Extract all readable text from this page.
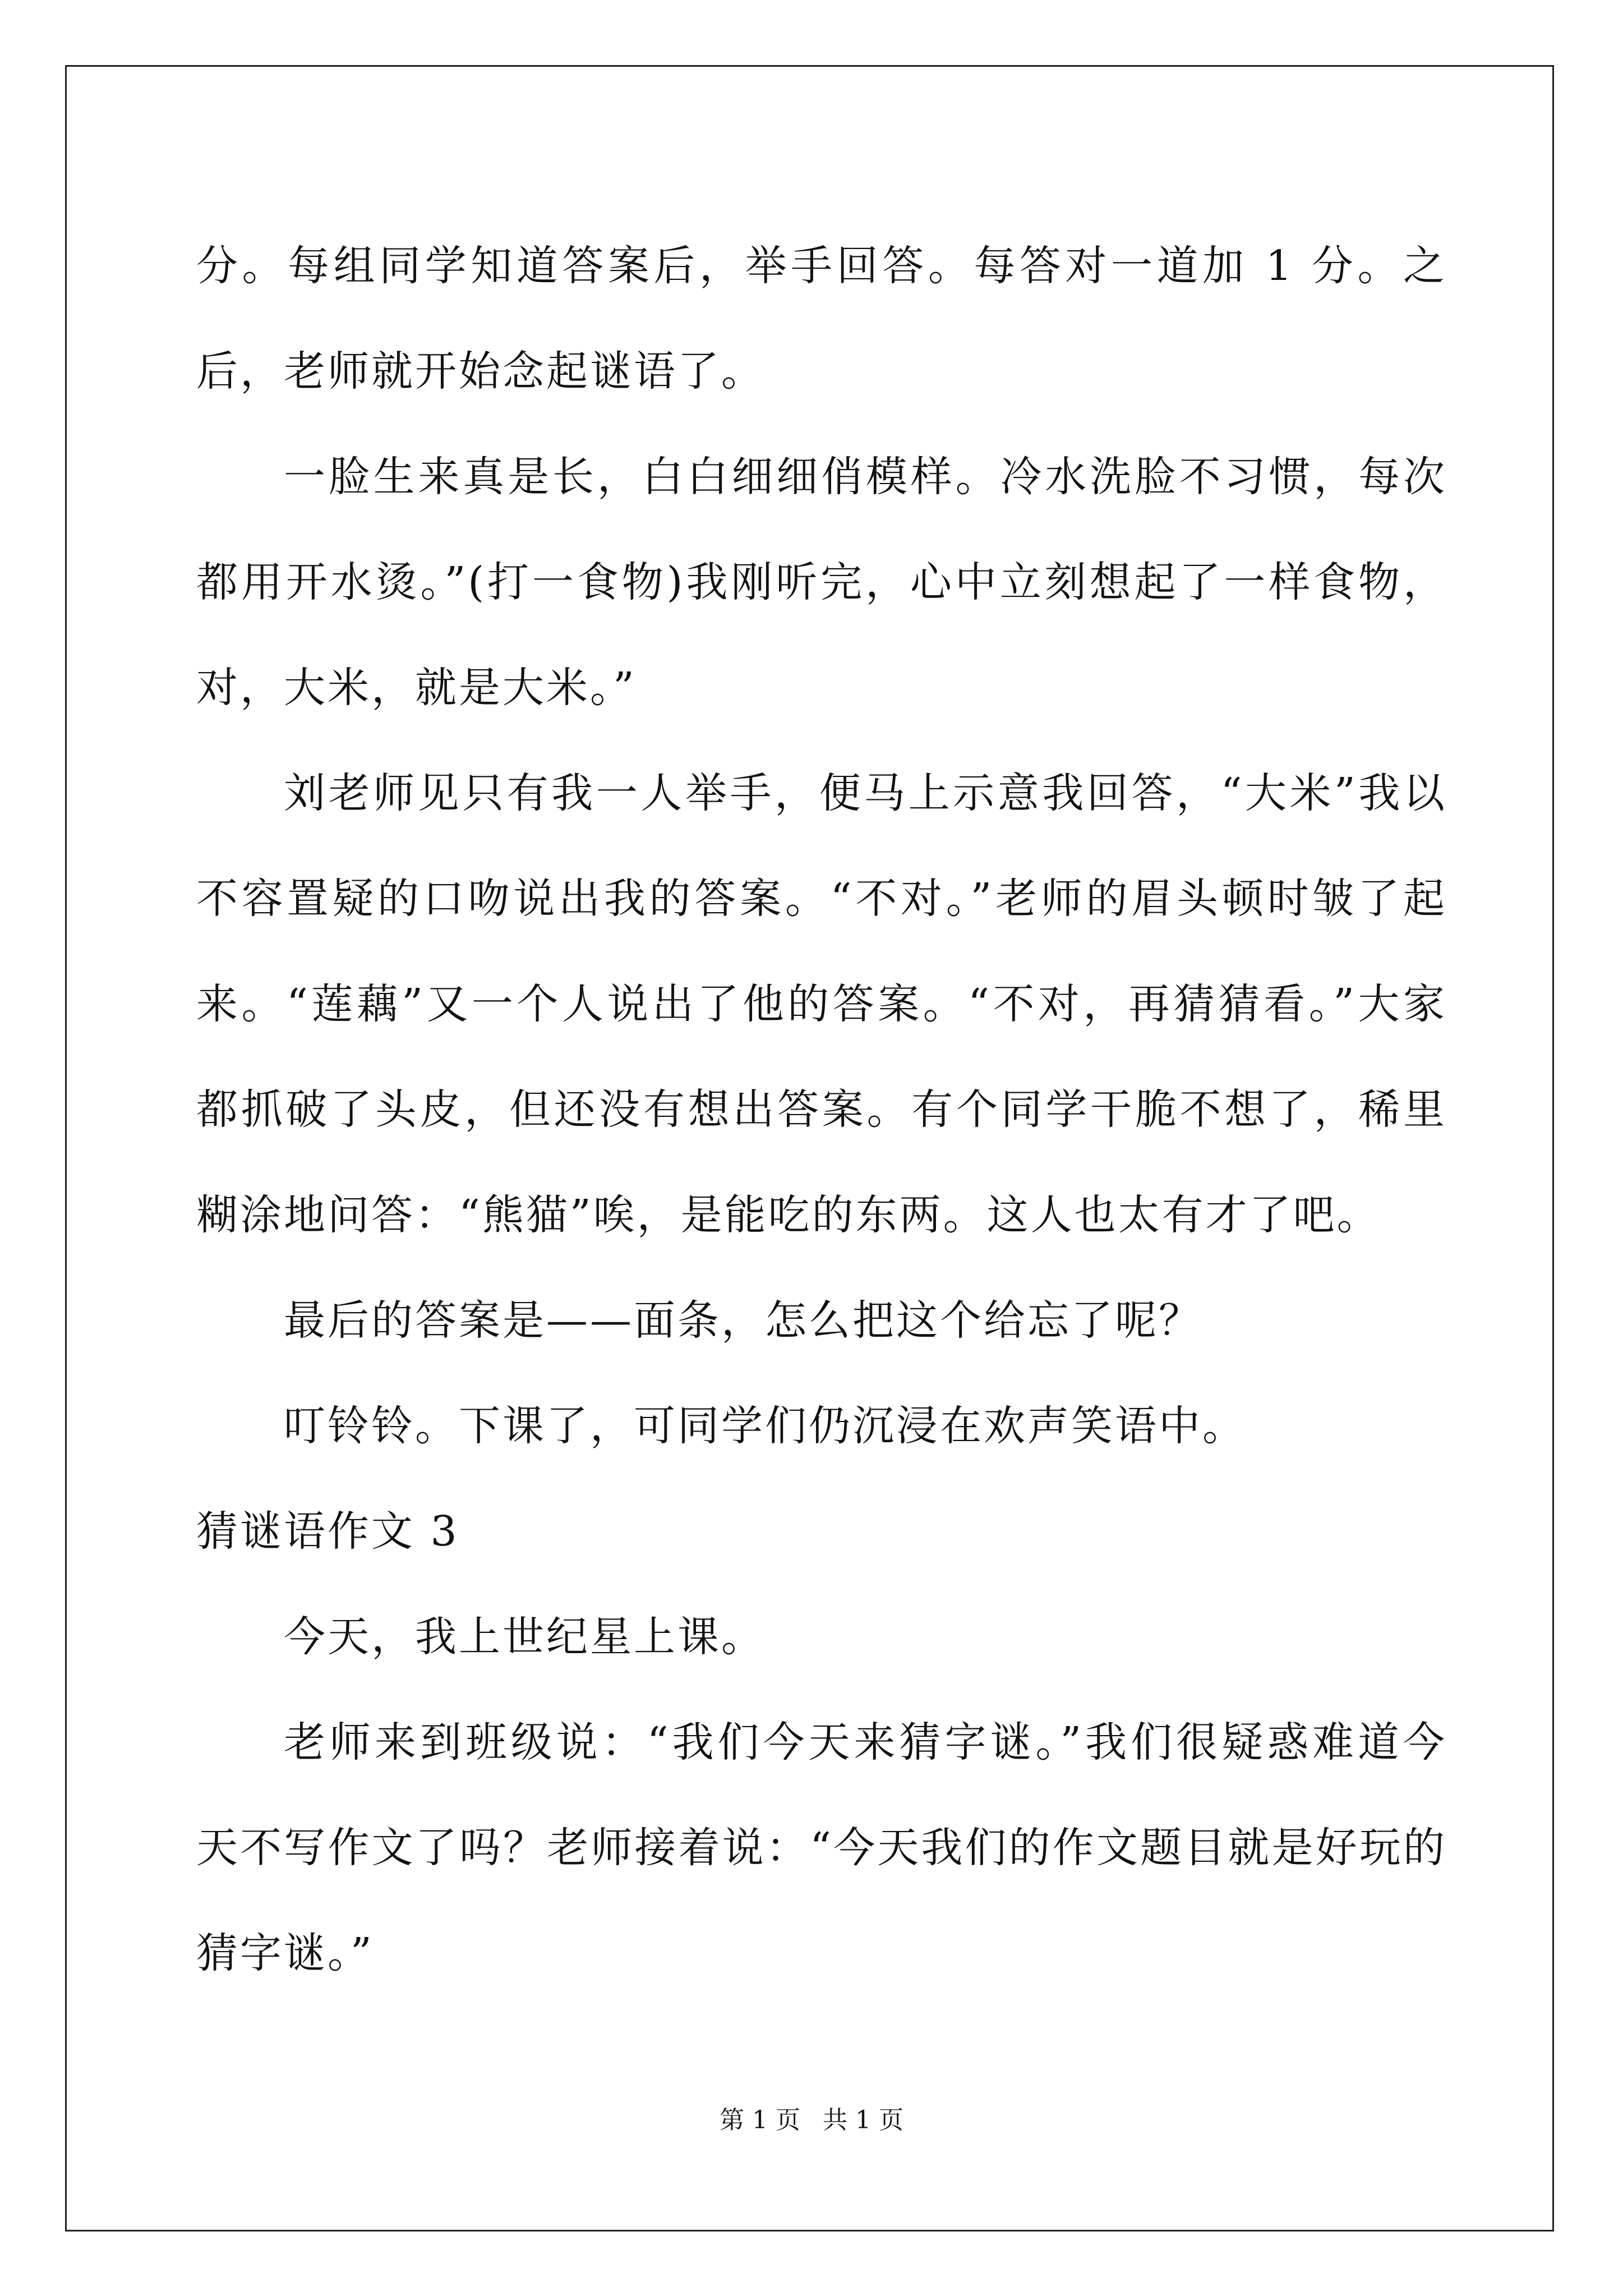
分。每组同学知道答案后，举手回答。每答对一道加 1 分。之后，老师就开始念起谜语了。

一脸生来真是长，白白细细俏模样。冷水洗脸不习惯，每次都用开水烫。”(打一食物)我刚听完，心中立刻想起了一样食物，对，大米，就是大米。”

刘老师见只有我一人举手，便马上示意我回答，“大米”我以不容置疑的口吻说出我的答案。“不对。”老师的眉头顿时皱了起来。“莲藕”又一个人说出了他的答案。“不对，再猜猜看。”大家都抓破了头皮，但还没有想出答案。有个同学干脆不想了，稀里糊涂地问答：“熊猫”唉，是能吃的东两。这人也太有才了吧。

最后的答案是——面条，怎么把这个给忘了呢？

叮铃铃。下课了，可同学们仍沉浸在欢声笑语中。

猜谜语作文 3

今天，我上世纪星上课。

老师来到班级说：“我们今天来猜字谜。”我们很疑惑难道今天不写作文了吗？老师接着说：“今天我们的作文题目就是好玩的猜字谜。”

第 1 页 共 1 页
